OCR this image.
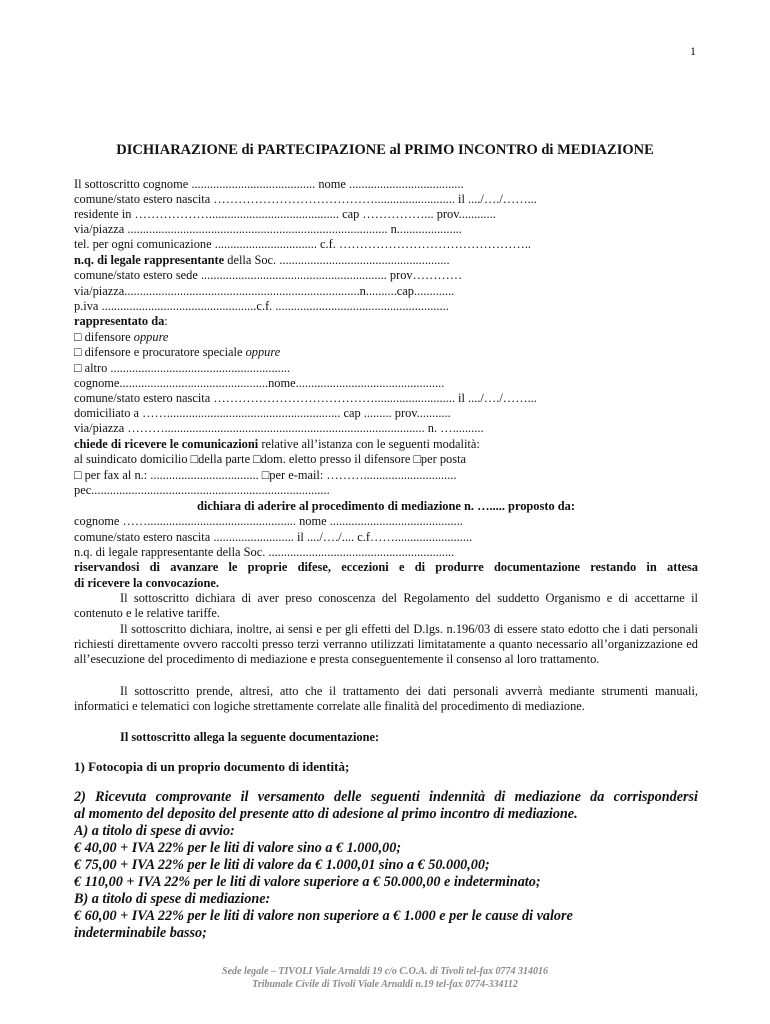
1
DICHIARAZIONE di PARTECIPAZIONE al PRIMO INCONTRO di MEDIAZIONE
Il sottoscritto cognome ........................................ nome .....................................
comune/stato estero nascita ………………………………….......................... il ..../…./……...
residente in ……………….......................................... cap ……………... prov............
via/piazza .................................................................................... n.....................
tel. per ogni comunicazione ................................. c.f. ………………………………………..
n.q. di legale rappresentante della Soc. .......................................................
comune/stato estero sede ............................................................ prov…………
via/piazza............................................................................n..........cap.............
p.iva ..................................................c.f. ........................................................
rappresentato da:
□ difensore oppure
□ difensore e procuratore speciale oppure
□ altro ..........................................................
cognome................................................nome................................................
comune/stato estero nascita ………………………………….......................... il ..../…./……...
domiciliato a ……........................................................ cap ......... prov...........
via/piazza ……….................................................................................... n. …..........
chiede di ricevere le comunicazioni relative all’istanza con le seguenti modalità:
al suindicato domicilio □della parte □dom. eletto presso il difensore □per posta
□ per fax al n.: ................................... □per e-mail: ………..............................
pec.............................................................................
dichiara di aderire al procedimento di mediazione n. …..... proposto da:
cognome ……................................................ nome ...........................................
comune/stato estero nascita .......................... il ..../…./.... c.f…….........................
n.q. di legale rappresentante della Soc. ............................................................
riservandosi di avanzare le proprie difese, eccezioni e di produrre documentazione restando in attesa
di ricevere la convocazione.
Il sottoscritto dichiara di aver preso conoscenza del Regolamento del suddetto Organismo e di accettarne il contenuto e le relative tariffe.
Il sottoscritto dichiara, inoltre, ai sensi e per gli effetti del D.lgs. n.196/03 di essere stato edotto che i dati personali richiesti direttamente ovvero raccolti presso terzi verranno utilizzati limitatamente a quanto necessario all’organizzazione ed all’esecuzione del procedimento di mediazione e presta conseguentemente il consenso al loro trattamento.
Il sottoscritto prende, altresì, atto che il trattamento dei dati personali avverrà mediante strumenti manuali, informatici e telematici con logiche strettamente correlate alle finalità del procedimento di mediazione.
Il sottoscritto allega la seguente documentazione:
1) Fotocopia di un proprio documento di identità;
2) Ricevuta comprovante il versamento delle seguenti indennità di mediazione da corrispondersi
al momento del deposito del presente atto di adesione al primo incontro di mediazione.
A) a titolo di spese di avvio:
€ 40,00 + IVA 22% per le liti di valore sino a € 1.000,00;
€ 75,00 + IVA 22% per le liti di valore da € 1.000,01 sino a € 50.000,00;
€ 110,00 + IVA 22% per le liti di valore superiore a € 50.000,00 e indeterminato;
B) a titolo di spese di mediazione:
€ 60,00 + IVA 22% per le liti di valore non superiore a € 1.000 e per le cause di valore
indeterminabile basso;
Sede legale – TIVOLI Viale Arnaldi 19 c/o C.O.A. di Tivoli tel-fax 0774 314016
Tribunale Civile di Tivoli Viale Arnaldi n.19 tel-fax 0774-334112
